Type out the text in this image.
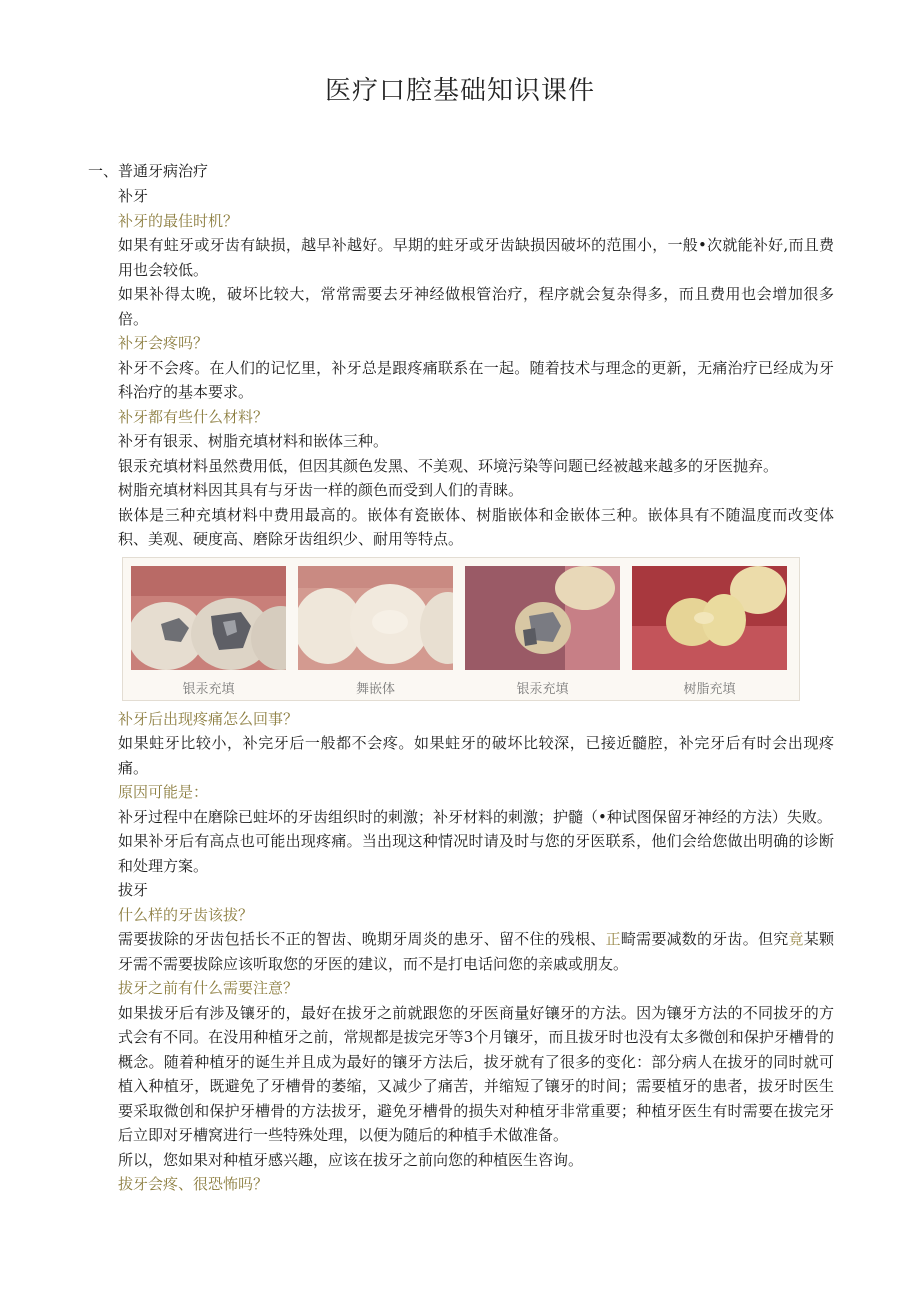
医疗口腔基础知识课件
一、普通牙病治疗

补牙

补牙的最佳时机？

如果有蛀牙或牙齿有缺损，越早补越好。早期的蛀牙或牙齿缺损因破坏的范围小，一般•次就能补好,而且费用也会较低。

如果补得太晚，破坏比较大，常常需要去牙神经做根管治疗，程序就会复杂得多，而且费用也会增加很多倍。

补牙会疼吗？

补牙不会疼。在人们的记忆里，补牙总是跟疼痛联系在一起。随着技术与理念的更新，无痛治疗已经成为牙科治疗的基本要求。

补牙都有些什么材料？

补牙有银汞、树脂充填材料和嵌体三种。

银汞充填材料虽然费用低，但因其颜色发黑、不美观、环境污染等问题已经被越来越多的牙医抛弃。

树脂充填材料因其具有与牙齿一样的颜色而受到人们的青睐。

嵌体是三种充填材料中费用最高的。嵌体有瓷嵌体、树脂嵌体和金嵌体三种。嵌体具有不随温度而改变体积、美观、硬度高、磨除牙齿组织少、耐用等特点。

银汞充填	舞嵌体	银汞充填	树脂充填

补牙后出现疼痛怎么回事？

如果蛀牙比较小，补完牙后一般都不会疼。如果蛀牙的破坏比较深，已接近髓腔，补完牙后有时会出现疼痛。

原因可能是：

补牙过程中在磨除已蛀坏的牙齿组织时的刺激；补牙材料的刺激；护髓（•种试图保留牙神经的方法）失败。

如果补牙后有高点也可能出现疼痛。当出现这种情况时请及时与您的牙医联系，他们会给您做出明确的诊断和处理方案。

拔牙

什么样的牙齿该拔？

需要拔除的牙齿包括长不正的智齿、晚期牙周炎的患牙、留不住的残根、正畸需要减数的牙齿。但究竟某颗牙需不需要拔除应该听取您的牙医的建议，而不是打电话问您的亲戚或朋友。

拔牙之前有什么需要注意？

如果拔牙后有涉及镶牙的，最好在拔牙之前就跟您的牙医商量好镶牙的方法。因为镶牙方法的不同拔牙的方式会有不同。在没用种植牙之前，常规都是拔完牙等3个月镶牙，而且拔牙时也没有太多微创和保护牙槽骨的概念。随着种植牙的诞生并且成为最好的镶牙方法后，拔牙就有了很多的变化：部分病人在拔牙的同时就可植入种植牙，既避免了牙槽骨的萎缩，又减少了痛苦，并缩短了镶牙的时间；需要植牙的患者，拔牙时医生要采取微创和保护牙槽骨的方法拔牙，避免牙槽骨的损失对种植牙非常重要；种植牙医生有时需要在拔完牙后立即对牙槽窝进行一些特殊处理，以便为随后的种植手术做准备。

所以，您如果对种植牙感兴趣，应该在拔牙之前向您的种植医生咨询。

拔牙会疼、很恐怖吗？
